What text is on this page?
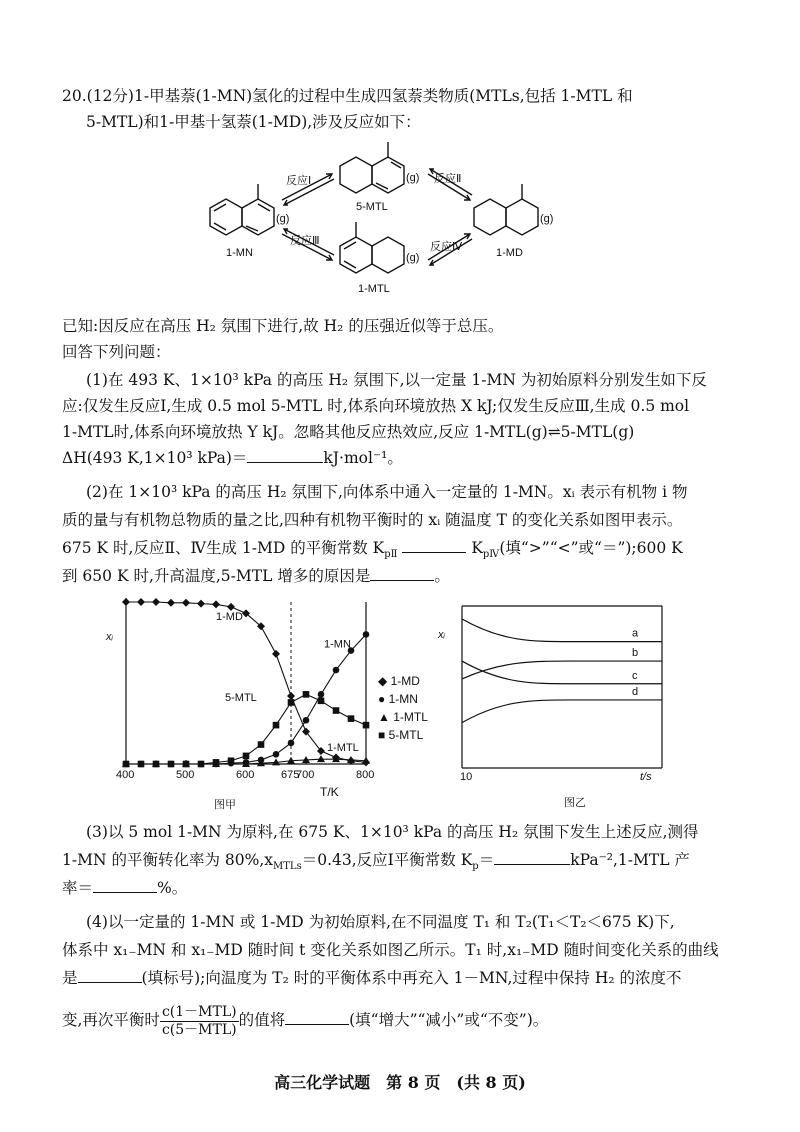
20.(12分)1-甲基萘(1-MN)氢化的过程中生成四氢萘类物质(MTLs,包括 1-MTL 和
5-MTL)和1-甲基十氢萘(1-MD),涉及反应如下：
反应Ⅰ
反应Ⅲ
反应Ⅱ
反应Ⅳ
(g)
(g)
(g)
(g)
1-MN
5-MTL
1-MTL
1-MD
已知:因反应在高压 H₂ 氛围下进行,故 H₂ 的压强近似等于总压。
回答下列问题：
(1)在 493 K、1×10³ kPa 的高压 H₂ 氛围下,以一定量 1-MN 为初始原料分别发生如下反
应:仅发生反应Ⅰ,生成 0.5 mol 5-MTL 时,体系向环境放热 X kJ;仅发生反应Ⅲ,生成 0.5 mol
1-MTL时,体系向环境放热 Y kJ。忽略其他反应热效应,反应 1-MTL(g)⇌5-MTL(g)
ΔH(493 K,1×10³ kPa)＝	kJ·mol⁻¹。
(2)在 1×10³ kPa 的高压 H₂ 氛围下,向体系中通入一定量的 1-MN。xᵢ 表示有机物 i 物
质的量与有机物总物质的量之比,四种有机物平衡时的 xᵢ 随温度 T 的变化关系如图甲表示。
675 K 时,反应Ⅱ、Ⅳ生成 1-MD 的平衡常数 $K_{pⅡ}$	$K_{pⅣ}$(填“>”“<”或“＝”);600 K
到 650 K 时,升高温度,5-MTL 增多的原因是	。
400	500	600 675
700	800
1-MD
1-MN
5-MTL
1-MTL
xᵢ
图甲
T/K
◆ 1-MD
● 1-MN
▲ 1-MTL
■ 5-MTL
a
b
c
d
xᵢ
10	t/s
图乙
(3)以 5 mol 1-MN 为原料,在 675 K、1×10³ kPa 的高压 H₂ 氛围下发生上述反应,测得
1-MN 的平衡转化率为 $80\%,x_{MTLs}=0.43$,反应Ⅰ平衡常数 $K_p=$	kPa⁻²,1-MTL 产
率＝	%。
(4)以一定量的 1-MN 或 1-MD 为初始原料,在不同温度 T₁ 和 T₂(T₁＜T₂＜675 K)下,
体系中 x₁₋MN 和 x₁₋MD 随时间 t 变化关系如图乙所示。T₁ 时,x₁₋MD 随时间变化关系的曲线
是	(填标号);向温度为 T₂ 时的平衡体系中再充入 1－MN,过程中保持 H₂ 的浓度不
变,再次平衡时 $\frac{\text{c(1－MTL)}}{\text{c(5－MTL)}}$ 的值将	(填“增大”“减小”或“不变”)。
高三化学试题　第 8 页　(共 8 页)
